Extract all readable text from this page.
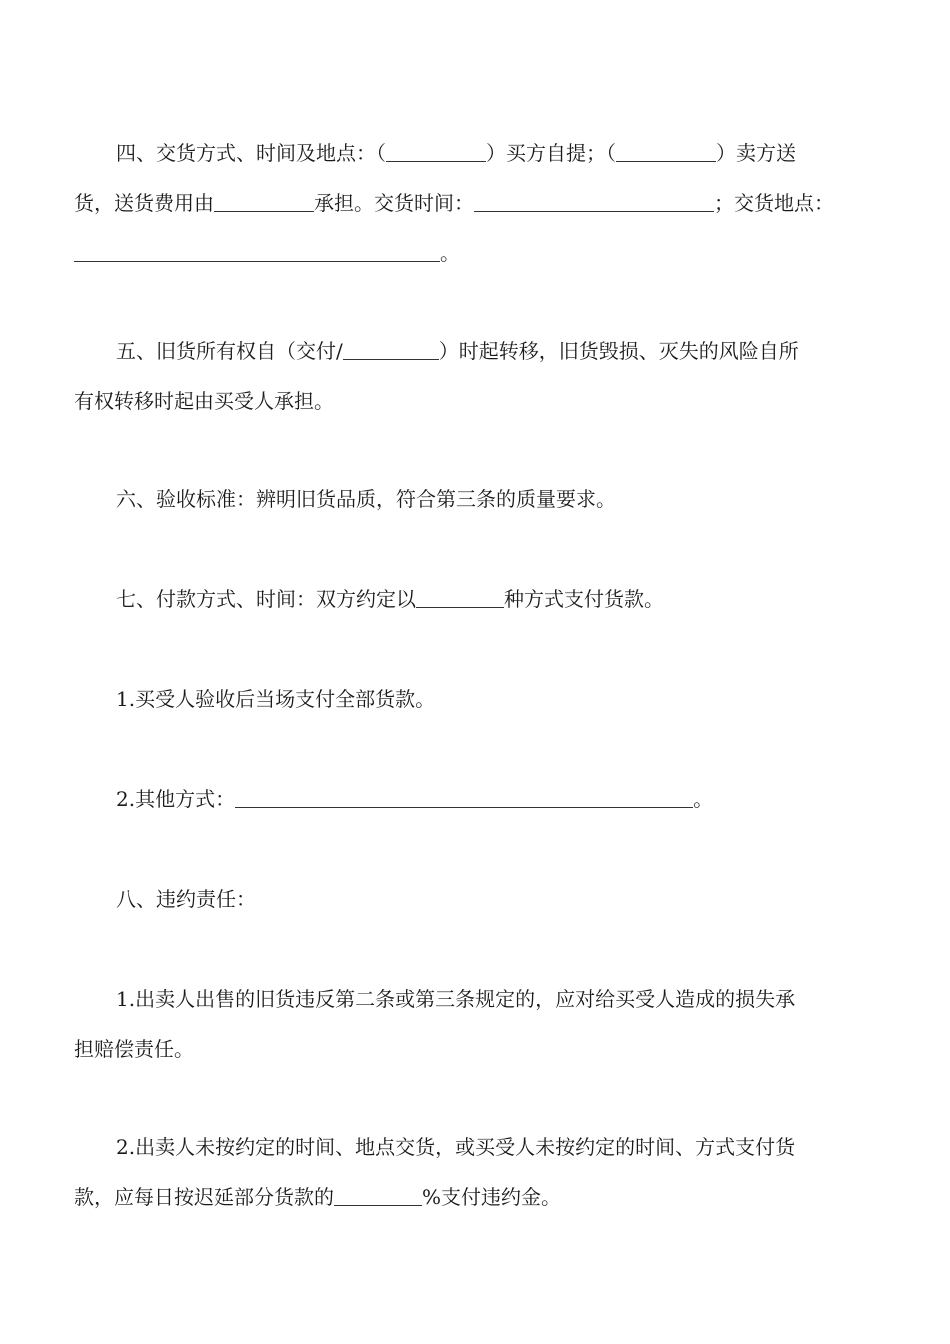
四、交货方式、时间及地点：（	）买方自提；（	）卖方送
货，送货费用由	承担。交货时间：	；交货地点：
。
五、旧货所有权自（交付/	）时起转移，旧货毁损、灭失的风险自所
有权转移时起由买受人承担。
六、验收标准：辨明旧货品质，符合第三条的质量要求。
七、付款方式、时间：双方约定以	种方式支付货款。
1.买受人验收后当场支付全部货款。
2.其他方式：	。
八、违约责任：
1.出卖人出售的旧货违反第二条或第三条规定的，应对给买受人造成的损失承
担赔偿责任。
2.出卖人未按约定的时间、地点交货，或买受人未按约定的时间、方式支付货
款，应每日按迟延部分货款的	%支付违约金。
